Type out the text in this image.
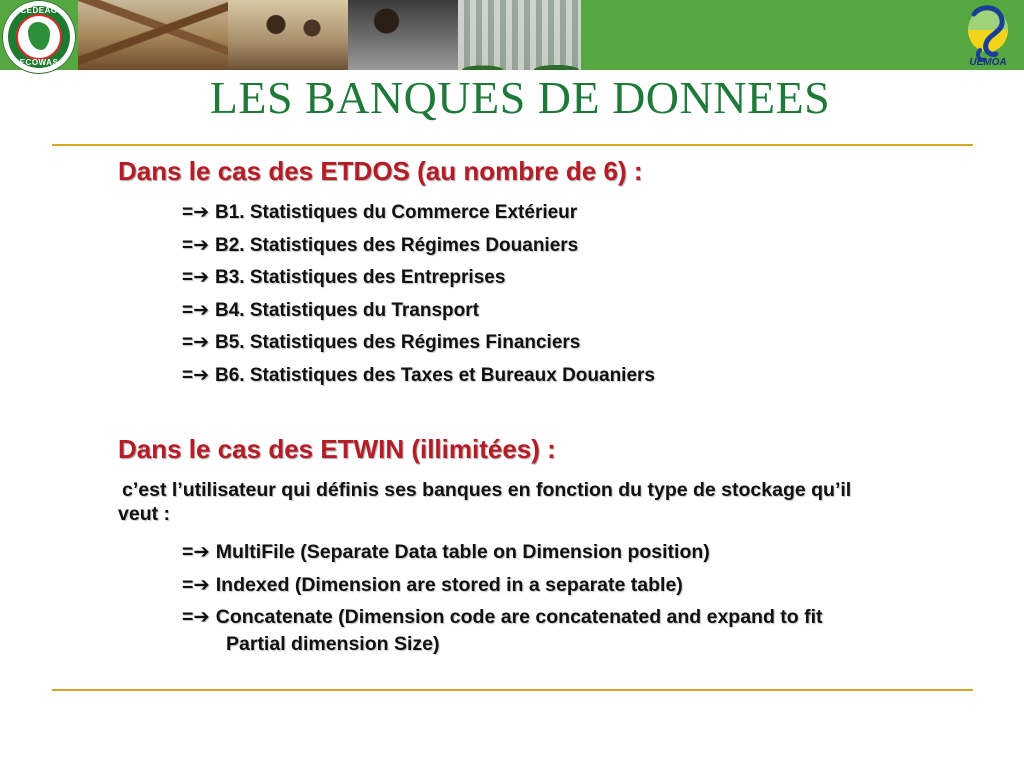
CEDEAO
ECOWAS	UEMOA
LES BANQUES DE DONNEES
Dans le cas des ETDOS (au nombre de 6) :
=➔ B1. Statistiques du Commerce Extérieur
=➔ B2. Statistiques des Régimes Douaniers
=➔ B3. Statistiques des Entreprises
=➔ B4. Statistiques du Transport
=➔ B5. Statistiques des Régimes Financiers
=➔ B6. Statistiques des Taxes et Bureaux Douaniers
Dans le cas des ETWIN (illimitées) :
c’est l’utilisateur qui définis ses banques en fonction du type de stockage qu’il
veut :
=➔ MultiFile (Separate Data table on Dimension position)
=➔ Indexed (Dimension are stored in a separate table)
=➔ Concatenate (Dimension code are concatenated and expand to fit
Partial dimension Size)
